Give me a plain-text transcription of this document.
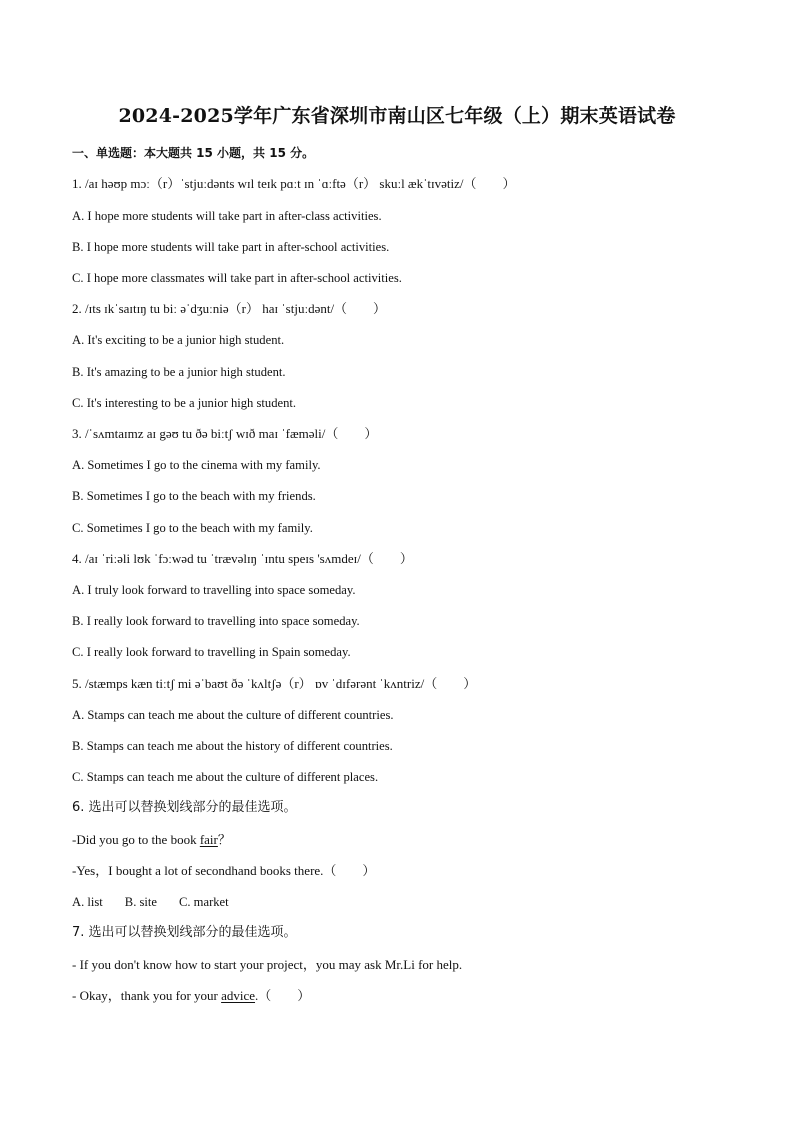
2024-2025学年广东省深圳市南山区七年级（上）期末英语试卷
一、单选题：本大题共 15 小题，共 15 分。
1. /aɪ həʊp mɔː（r）ˈstjuːdənts wɪl teɪk pɑːt ɪn ˈɑːftə（r） skuːl ækˈtɪvətiz/（　　）
A. I hope more students will take part in after-class activities.
B. I hope more students will take part in after-school activities.
C. I hope more classmates will take part in after-school activities.
2. /ɪts ɪkˈsaɪtɪŋ tu biː əˈdʒuːniə（r） haɪ ˈstjuːdənt/（　　）
A. It's exciting to be a junior high student.
B. It's amazing to be a junior high student.
C. It's interesting to be a junior high student.
3. /ˈsʌmtaɪmz aɪ gəʊ tu ðə biːtʃ wɪð maɪ ˈfæməli/（　　）
A. Sometimes I go to the cinema with my family.
B. Sometimes I go to the beach with my friends.
C. Sometimes I go to the beach with my family.
4. /aɪ ˈriːəli lʊk ˈfɔːwəd tu ˈtrævəlɪŋ ˈɪntu speɪs 'sʌmdeɪ/（　　）
A. I truly look forward to travelling into space someday.
B. I really look forward to travelling into space someday.
C. I really look forward to travelling in Spain someday.
5. /stæmps kæn tiːtʃ mi əˈbaʊt ðə ˈkʌltʃə（r） ɒv ˈdɪfərənt ˈkʌntriz/（　　）
A. Stamps can teach me about the culture of different countries.
B. Stamps can teach me about the history of different countries.
C. Stamps can teach me about the culture of different places.
6. 选出可以替换划线部分的最佳选项。
-Did you go to the book fair？
-Yes，I bought a lot of secondhand books there.（　　）
A. list B. site C. market
7. 选出可以替换划线部分的最佳选项。
- If you don't know how to start your project，you may ask Mr.Li for help.
- Okay，thank you for your advice.（　　）
